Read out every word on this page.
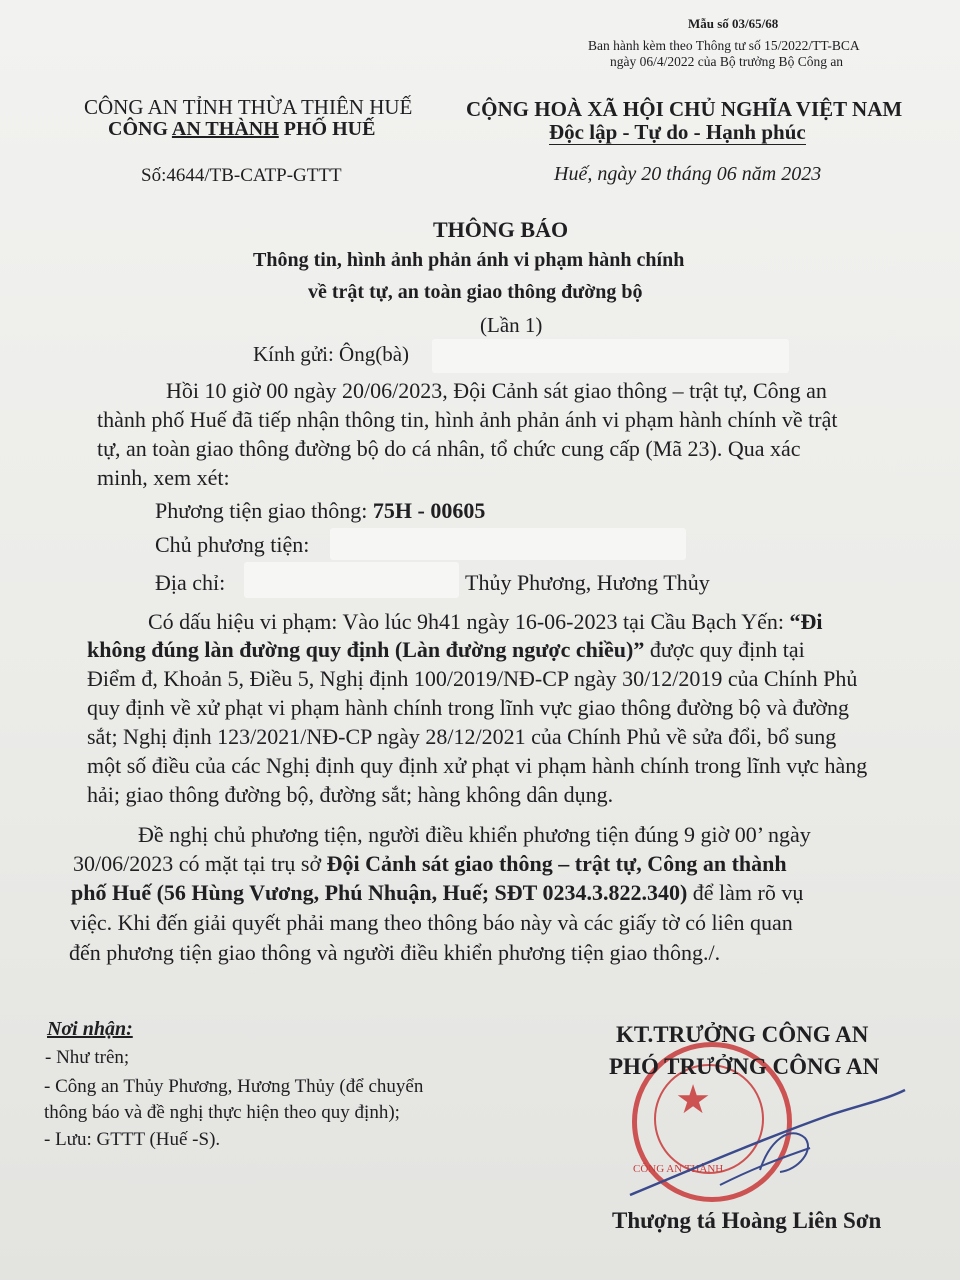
Mẫu số 03/65/68
Ban hành kèm theo Thông tư số 15/2022/TT-BCA
ngày 06/4/2022 của Bộ trưởng Bộ Công an
CÔNG AN TỈNH THỪA THIÊN HUẾ
CÔNG AN THÀNH PHỐ HUẾ
CỘNG HOÀ XÃ HỘI CHỦ NGHĨA VIỆT NAM
Độc lập - Tự do - Hạnh phúc
Số:4644/TB-CATP-GTTT	Huế, ngày 20 tháng 06 năm 2023
THÔNG BÁO
Thông tin, hình ảnh phản ánh vi phạm hành chính
về trật tự, an toàn giao thông đường bộ
(Lần 1)
Kính gửi: Ông(bà)
Hồi 10 giờ 00 ngày 20/06/2023, Đội Cảnh sát giao thông – trật tự, Công an
thành phố Huế đã tiếp nhận thông tin, hình ảnh phản ánh vi phạm hành chính về trật
tự, an toàn giao thông đường bộ do cá nhân, tổ chức cung cấp (Mã 23). Qua xác
minh, xem xét:
Phương tiện giao thông: 75H - 00605
Chủ phương tiện:
Địa chỉ:	Thủy Phương, Hương Thủy
Có dấu hiệu vi phạm: Vào lúc 9h41 ngày 16-06-2023 tại Cầu Bạch Yến: “Đi
không đúng làn đường quy định (Làn đường ngược chiều)” được quy định tại
Điểm đ, Khoản 5, Điều 5, Nghị định 100/2019/NĐ-CP ngày 30/12/2019 của Chính Phủ
quy định về xử phạt vi phạm hành chính trong lĩnh vực giao thông đường bộ và đường
sắt; Nghị định 123/2021/NĐ-CP ngày 28/12/2021 của Chính Phủ về sửa đổi, bổ sung
một số điều của các Nghị định quy định xử phạt vi phạm hành chính trong lĩnh vực hàng
hải; giao thông đường bộ, đường sắt; hàng không dân dụng.
Đề nghị chủ phương tiện, người điều khiển phương tiện đúng 9 giờ 00’ ngày
30/06/2023 có mặt tại trụ sở Đội Cảnh sát giao thông – trật tự, Công an thành
phố Huế (56 Hùng Vương, Phú Nhuận, Huế; SĐT 0234.3.822.340) để làm rõ vụ
việc. Khi đến giải quyết phải mang theo thông báo này và các giấy tờ có liên quan
đến phương tiện giao thông và người điều khiển phương tiện giao thông./.
Nơi nhận:
- Như trên;
- Công an Thủy Phương, Hương Thủy (để chuyển
thông báo và đề nghị thực hiện theo quy định);
- Lưu: GTTT (Huế -S).
★
CÔNG AN THÀNH
KT.TRƯỞNG CÔNG AN
PHÓ TRƯỞNG CÔNG AN
Thượng tá Hoàng Liên Sơn
